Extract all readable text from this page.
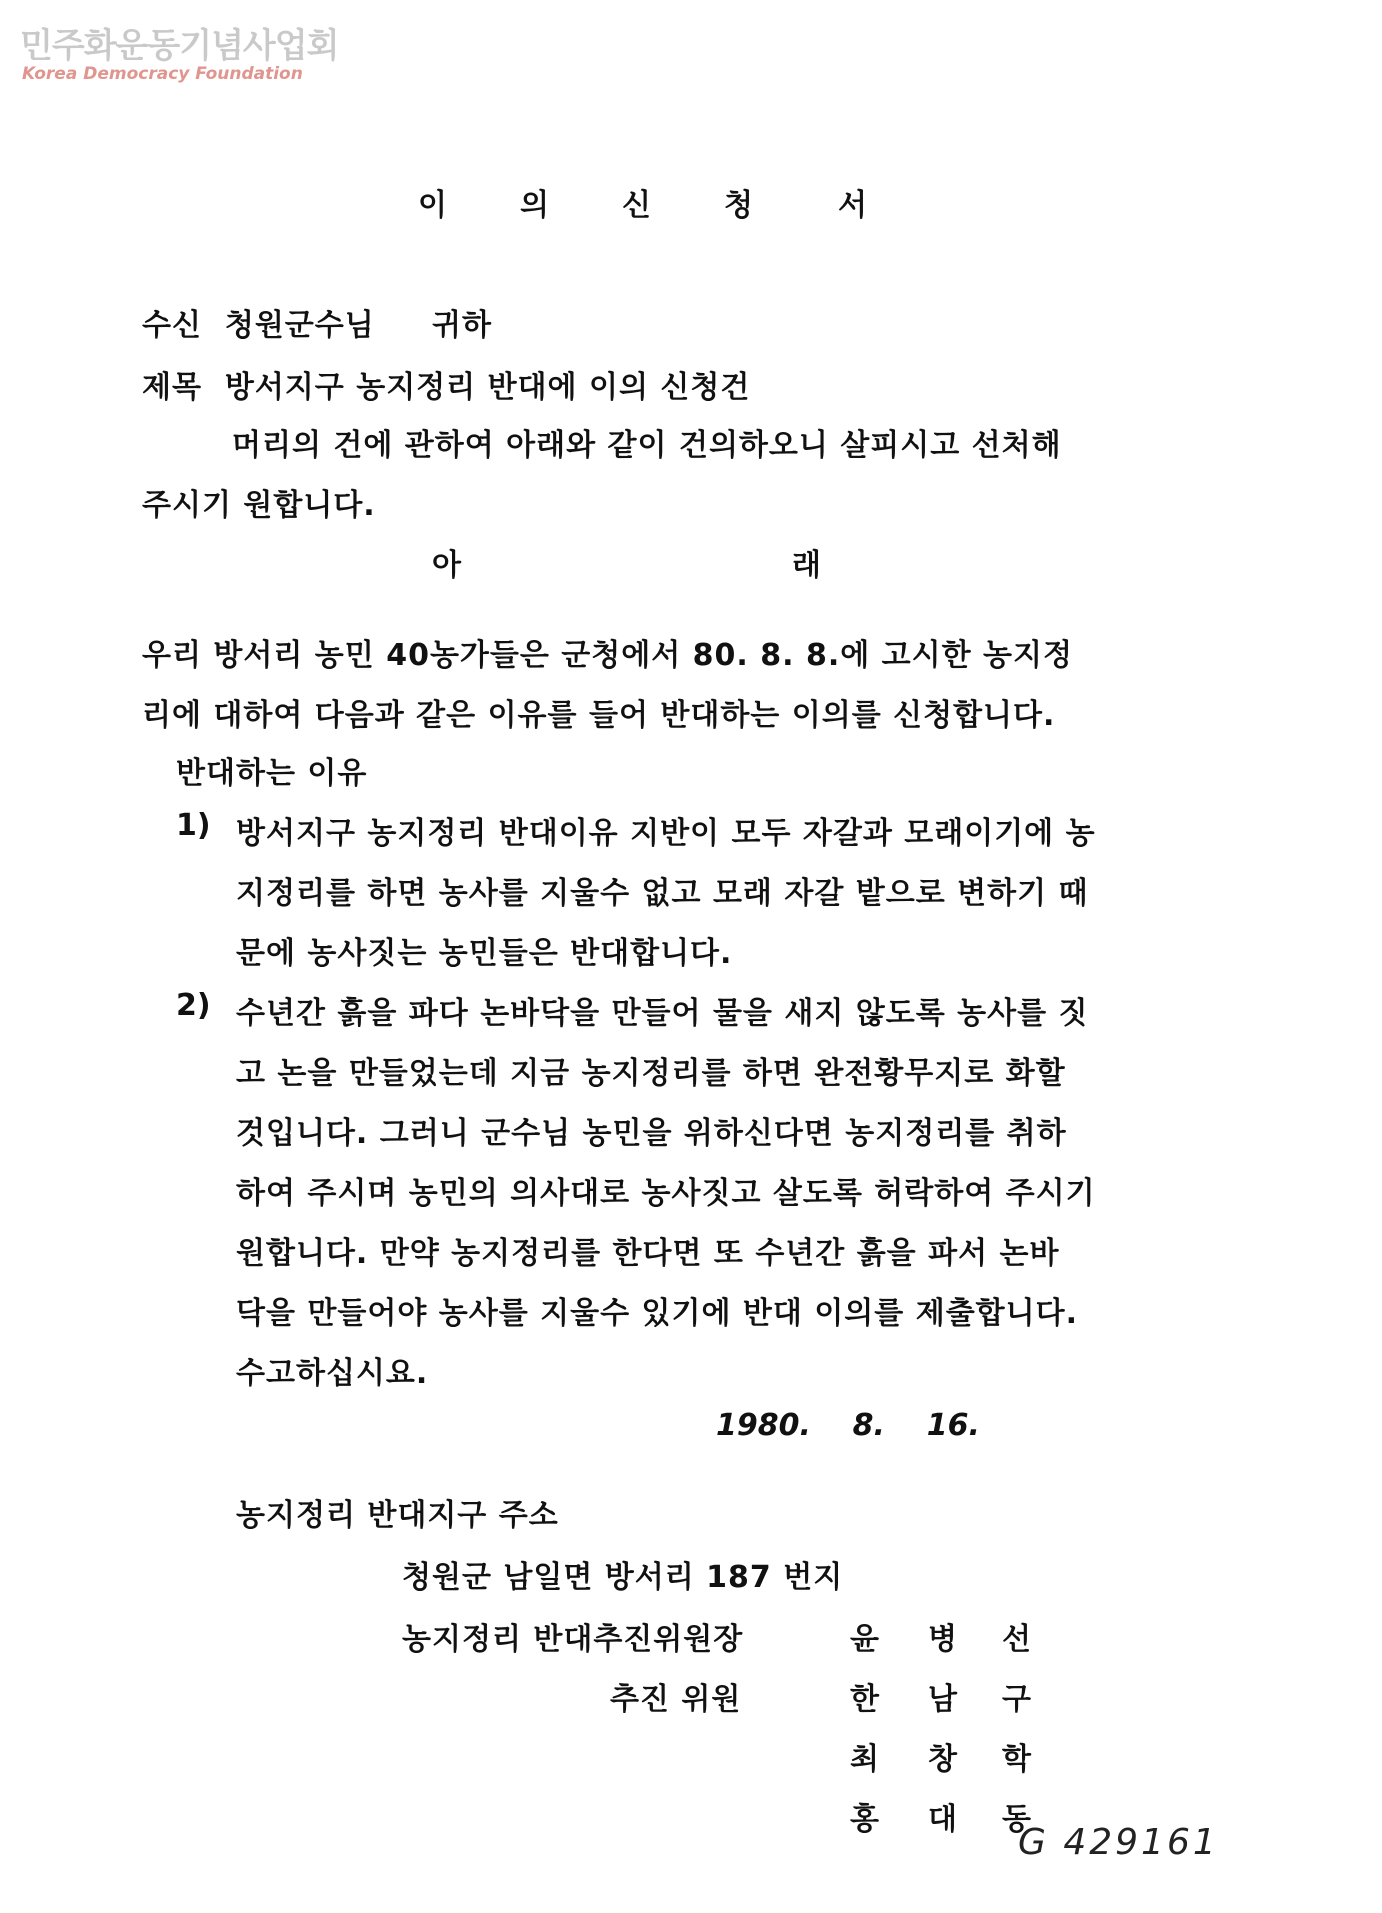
민주화운동기념사업회
Korea Democracy Foundation
이 의 신 청	서
수신  청원군수님     귀하
제목  방서지구 농지정리 반대에 이의 신청건
머리의 건에 관하여 아래와 같이 건의하오니 살피시고 선처해
주시기 원합니다.
아	래
우리 방서리 농민 40농가들은 군청에서 80. 8. 8.에 고시한 농지정
리에 대하여 다음과 같은 이유를 들어 반대하는 이의를 신청합니다.
반대하는 이유
1) 방서지구 농지정리 반대이유 지반이 모두 자갈과 모래이기에 농
지정리를 하면 농사를 지울수 없고 모래 자갈 밭으로 변하기 때
문에 농사짓는 농민들은 반대합니다.
2) 수년간 흙을 파다 논바닥을 만들어 물을 새지 않도록 농사를 짓
고 논을 만들었는데 지금 농지정리를 하면 완전황무지로 화할
것입니다. 그러니 군수님 농민을 위하신다면 농지정리를 취하
하여 주시며 농민의 의사대로 농사짓고 살도록 허락하여 주시기
원합니다. 만약 농지정리를 한다면 또 수년간 흙을 파서 논바
닥을 만들어야 농사를 지울수 있기에 반대 이의를 제출합니다.
수고하십시요.
1980.    8.    16.
농지정리 반대지구 주소
청원군 남일면 방서리 187 번지
농지정리 반대추진위원장
추진 위원
윤 병 선
한 남 구
최 창 학
홍 대 동
G 429161
